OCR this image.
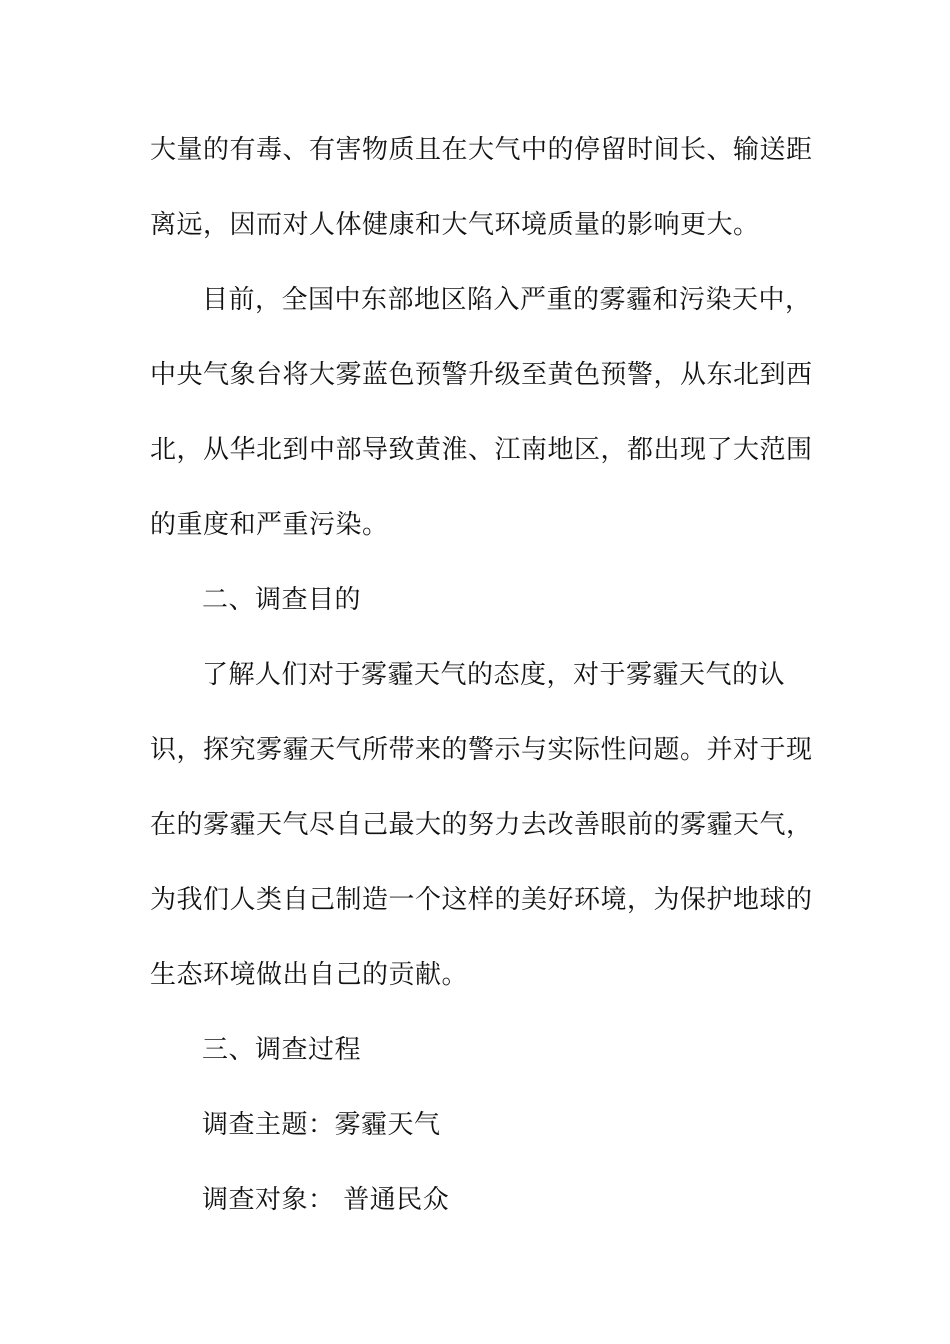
大量的有毒、有害物质且在大气中的停留时间长、输送距

离远，因而对人体健康和大气环境质量的影响更大。

目前，全国中东部地区陷入严重的雾霾和污染天中，

中央气象台将大雾蓝色预警升级至黄色预警，从东北到西

北，从华北到中部导致黄淮、江南地区，都出现了大范围

的重度和严重污染。

二、调查目的

了解人们对于雾霾天气的态度，对于雾霾天气的认

识，探究雾霾天气所带来的警示与实际性问题。并对于现

在的雾霾天气尽自己最大的努力去改善眼前的雾霾天气，

为我们人类自己制造一个这样的美好环境，为保护地球的

生态环境做出自己的贡献。

三、调查过程

调查主题：雾霾天气

调查对象： 普通民众
